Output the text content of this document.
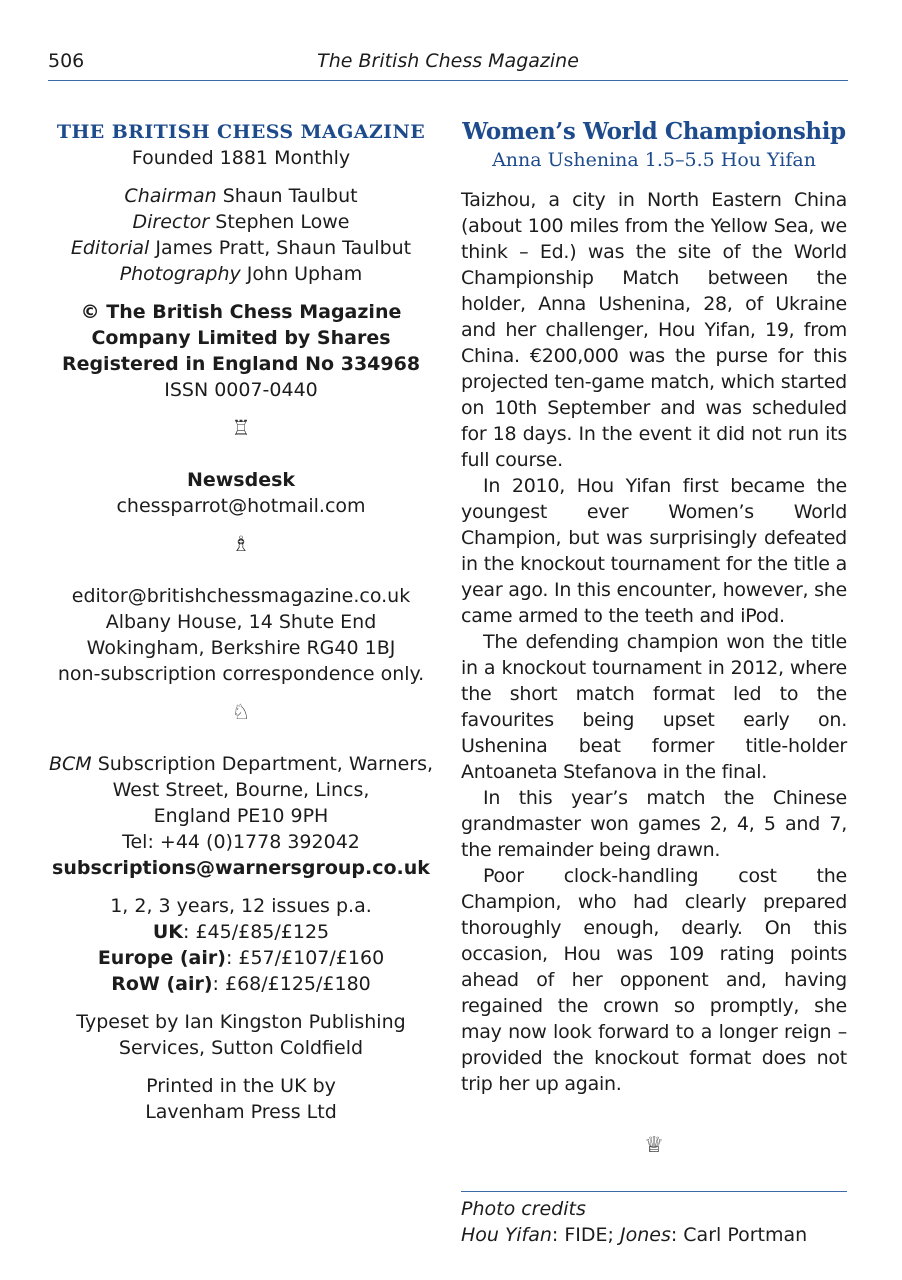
506	The British Chess Magazine
THE BRITISH CHESS MAGAZINE
Founded 1881 Monthly
Chairman Shaun Taulbut
Director Stephen Lowe
Editorial James Pratt, Shaun Taulbut
Photography John Upham
© The British Chess Magazine
Company Limited by Shares
Registered in England No 334968
ISSN 0007-0440
♖
Newsdesk
chessparrot@hotmail.com
♗
editor@britishchessmagazine.co.uk
Albany House, 14 Shute End
Wokingham, Berkshire RG40 1BJ
non-subscription correspondence only.
♘
BCM Subscription Department, Warners,
West Street, Bourne, Lincs,
England PE10 9PH
Tel: +44 (0)1778 392042
subscriptions@warnersgroup.co.uk
1, 2, 3 years, 12 issues p.a.
UK: £45/£85/£125
Europe (air): £57/£107/£160
RoW (air): £68/£125/£180
Typeset by Ian Kingston Publishing
Services, Sutton Coldfield
Printed in the UK by
Lavenham Press Ltd
Women’s World Championship
Anna Ushenina 1.5–5.5 Hou Yifan

Taizhou, a city in North Eastern China (about 100 miles from the Yellow Sea, we think – Ed.) was the site of the World Championship Match between the holder, Anna Ushenina, 28, of Ukraine and her challenger, Hou Yifan, 19, from China. €200,000 was the purse for this projected ten-game match, which started on 10th September and was scheduled for 18 days. In the event it did not run its full course.

In 2010, Hou Yifan first became the youngest ever Women’s World Champion, but was surprisingly defeated in the knockout tournament for the title a year ago. In this encounter, however, she came armed to the teeth and iPod.

The defending champion won the title in a knockout tournament in 2012, where the short match format led to the favourites being upset early on. Ushenina beat former title-holder Antoaneta Stefanova in the final.

In this year’s match the Chinese grandmaster won games 2, 4, 5 and 7, the remainder being drawn.

Poor clock-handling cost the Champion, who had clearly prepared thoroughly enough, dearly. On this occasion, Hou was 109 rating points ahead of her opponent and, having regained the crown so promptly, she may now look forward to a longer reign – provided the knockout format does not trip her up again.

♕
Photo credits
Hou Yifan: FIDE; Jones: Carl Portman
